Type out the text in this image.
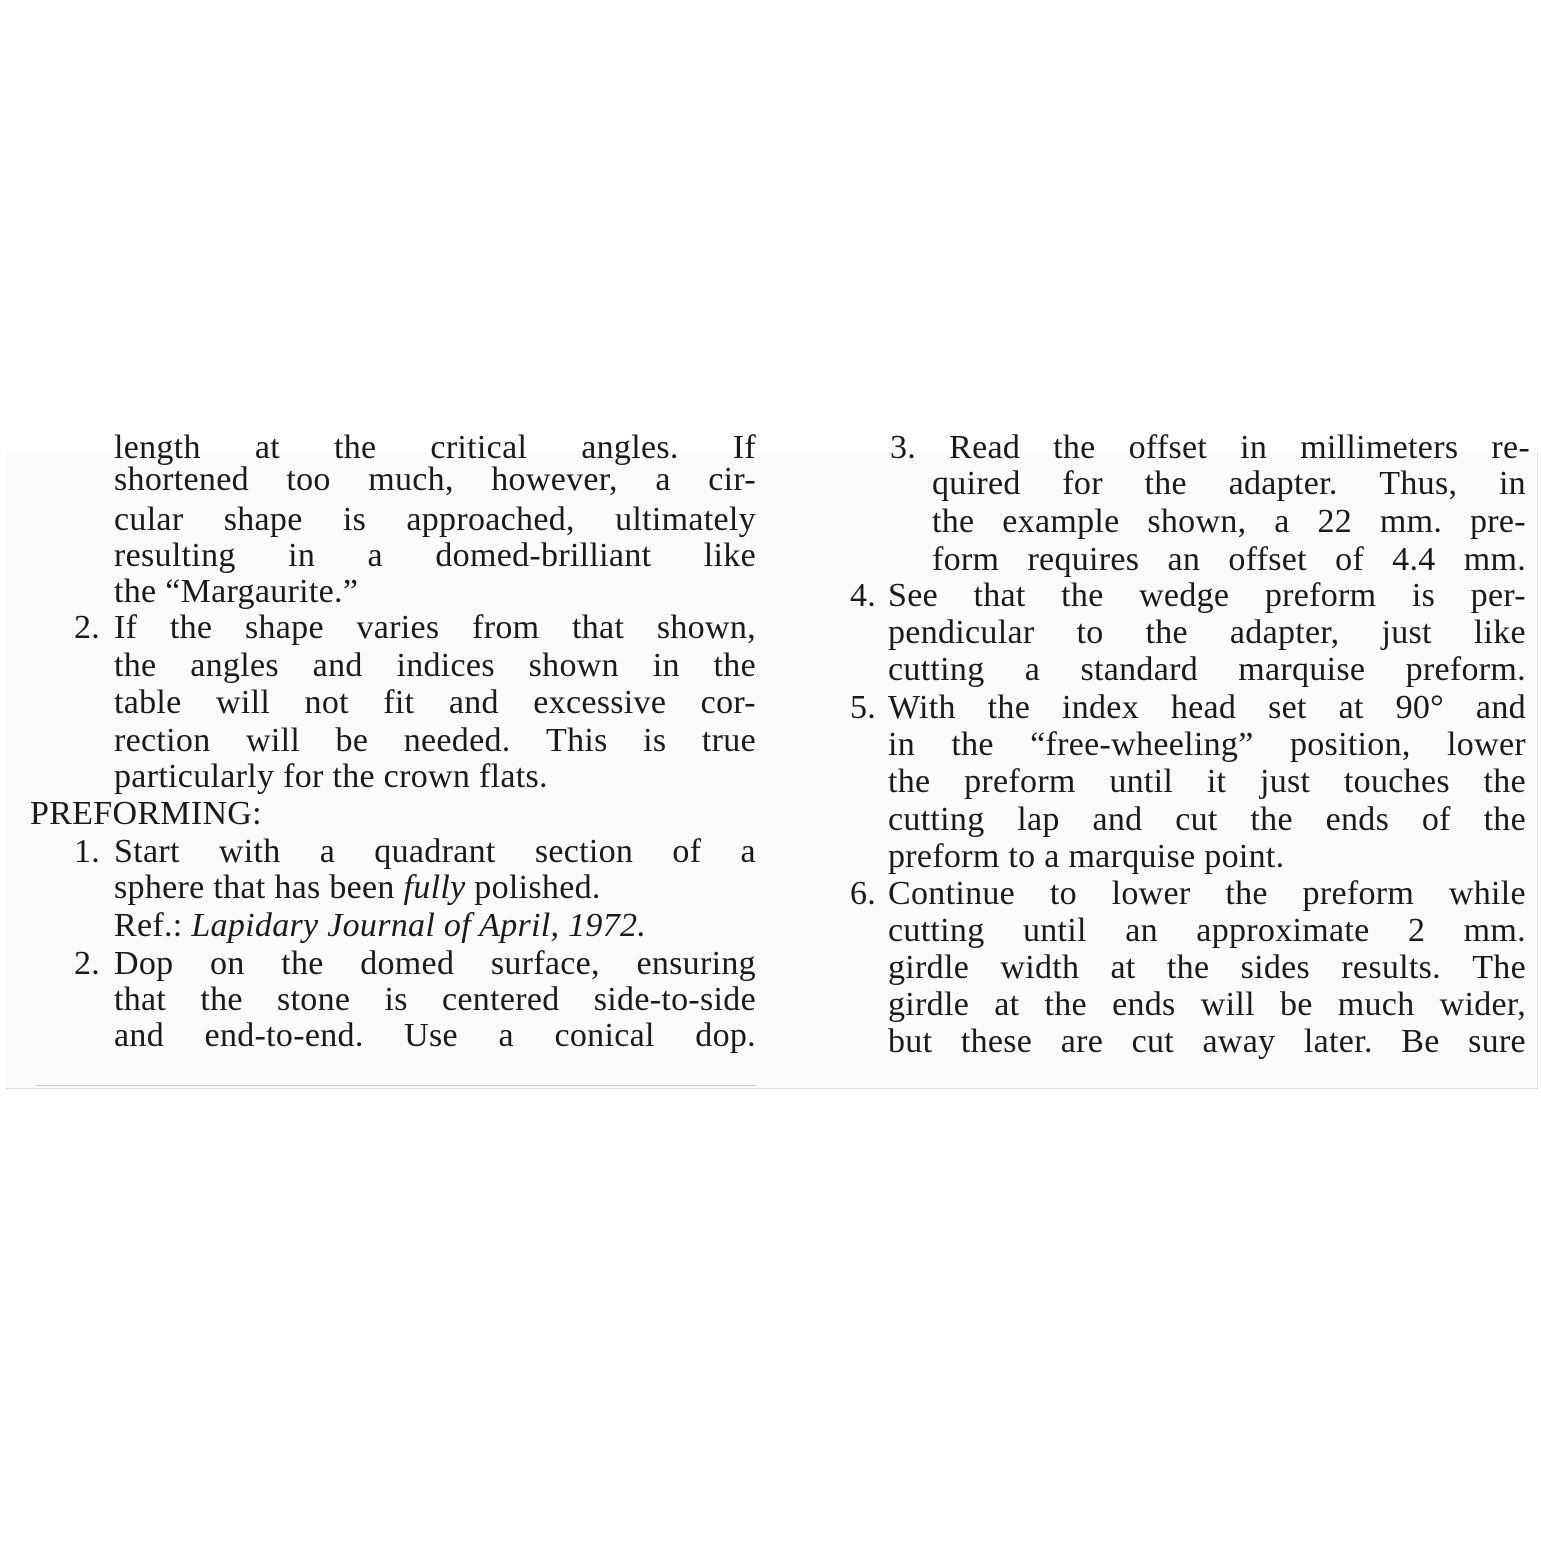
length at the critical angles. If
shortened too much, however, a cir-
cular shape is approached, ultimately
resulting in a domed-brilliant like
the “Margaurite.”
2. If the shape varies from that shown,
the angles and indices shown in the
table will not fit and excessive cor-
rection will be needed. This is true
particularly for the crown flats.
PREFORMING:
1. Start with a quadrant section of a
sphere that has been fully polished.
Ref.: Lapidary Journal of April, 1972.
2. Dop on the domed surface, ensuring
that the stone is centered side-to-side
and end-to-end. Use a conical dop.
3. Read the offset in millimeters re-
quired for the adapter. Thus, in
the example shown, a 22 mm. pre-
form requires an offset of 4.4 mm.
4. See that the wedge preform is per-
pendicular to the adapter, just like
cutting a standard marquise preform.
5. With the index head set at 90° and
in the “free-wheeling” position, lower
the preform until it just touches the
cutting lap and cut the ends of the
preform to a marquise point.
6. Continue to lower the preform while
cutting until an approximate 2 mm.
girdle width at the sides results. The
girdle at the ends will be much wider,
but these are cut away later. Be sure
